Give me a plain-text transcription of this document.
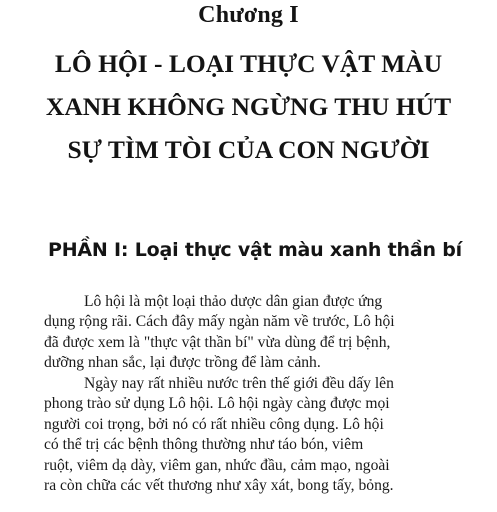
Chương I
LÔ HỘI - LOẠI THỰC VẬT MÀU
XANH KHÔNG NGỪNG THU HÚT
SỰ TÌM TÒI CỦA CON NGƯỜI
PHẦN I: Loại thực vật màu xanh thần bí
Lô hội là một loại thảo dược dân gian được ứng
dụng rộng rãi. Cách đây mấy ngàn năm về trước, Lô hội
đã được xem là "thực vật thần bí" vừa dùng để trị bệnh,
dưỡng nhan sắc, lại được trồng để làm cảnh.
Ngày nay rất nhiều nước trên thế giới đều dấy lên
phong trào sử dụng Lô hội. Lô hội ngày càng được mọi
người coi trọng, bởi nó có rất nhiều công dụng. Lô hội
có thể trị các bệnh thông thường như táo bón, viêm
ruột, viêm dạ dày, viêm gan, nhức đầu, cảm mạo, ngoài
ra còn chữa các vết thương như xây xát, bong tấy, bỏng.
